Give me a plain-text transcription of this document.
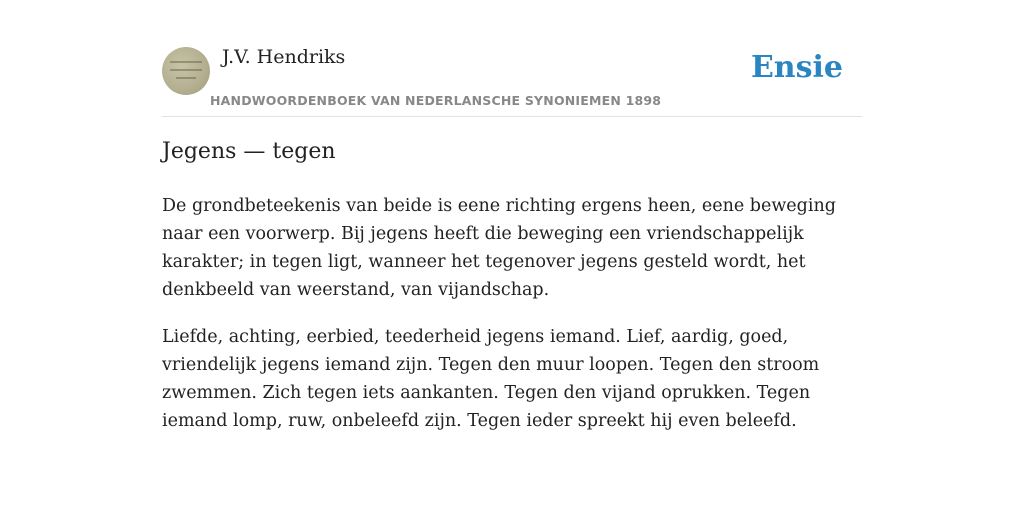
J.V. Hendriks
HANDWOORDENBOEK VAN NEDERLANSCHE SYNONIEMEN 1898
Ensie
Jegens — tegen

De grondbeteekenis van beide is eene richting ergens heen, eene beweging naar een voorwerp. Bij jegens heeft die beweging een vriendschappelijk karakter; in tegen ligt, wanneer het tegenover jegens gesteld wordt, het denkbeeld van weerstand, van vijandschap.

Liefde, achting, eerbied, teederheid jegens iemand. Lief, aardig, goed, vriendelijk jegens iemand zijn. Tegen den muur loopen. Tegen den stroom zwemmen. Zich tegen iets aankanten. Tegen den vijand oprukken. Tegen iemand lomp, ruw, onbeleefd zijn. Tegen ieder spreekt hij even beleefd.
